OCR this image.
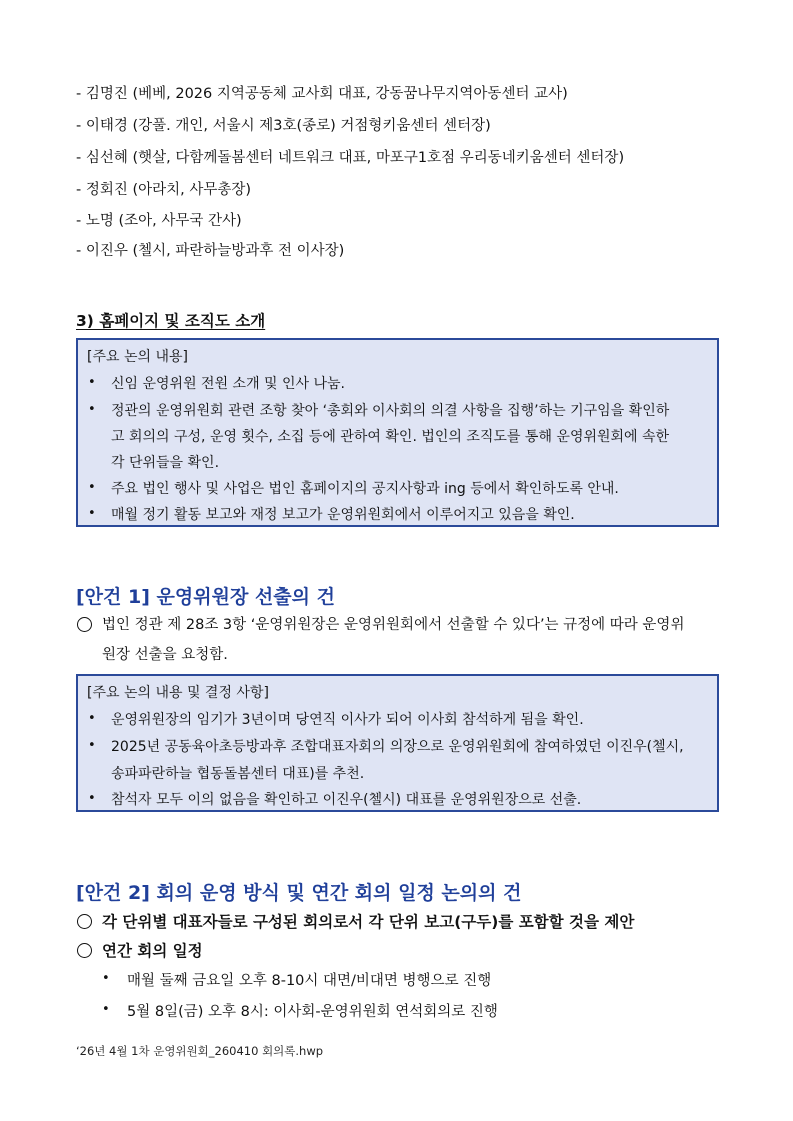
- 김명진 (베베, 2026 지역공동체 교사회 대표, 강동꿈나무지역아동센터 교사)
- 이태경 (강풀. 개인, 서울시 제3호(종로) 거점형키움센터 센터장)
- 심선혜 (햇살, 다함께돌봄센터 네트워크 대표, 마포구1호점 우리동네키움센터 센터장)
- 정회진 (아라치, 사무총장)
- 노명 (조아, 사무국 간사)
- 이진우 (첼시, 파란하늘방과후 전 이사장)
3) 홈페이지 및 조직도 소개
[주요 논의 내용]
• 신임 운영위원 전원 소개 및 인사 나눔.
• 정관의 운영위원회 관련 조항 찾아 ‘총회와 이사회의 의결 사항을 집행’하는 기구임을 확인하
고 회의의 구성, 운영 횟수, 소집 등에 관하여 확인. 법인의 조직도를 통해 운영위원회에 속한
각 단위들을 확인.
• 주요 법인 행사 및 사업은 법인 홈페이지의 공지사항과 ing 등에서 확인하도록 안내.
• 매월 정기 활동 보고와 재정 보고가 운영위원회에서 이루어지고 있음을 확인.
[안건 1] 운영위원장 선출의 건
법인 정관 제 28조 3항 ‘운영위원장은 운영위원회에서 선출할 수 있다’는 규정에 따라 운영위
원장 선출을 요청함.
[주요 논의 내용 및 결정 사항]
• 운영위원장의 임기가 3년이며 당연직 이사가 되어 이사회 참석하게 됨을 확인.
• 2025년 공동육아초등방과후 조합대표자회의 의장으로 운영위원회에 참여하였던 이진우(첼시,
송파파란하늘 협동돌봄센터 대표)를 추천.
• 참석자 모두 이의 없음을 확인하고 이진우(첼시) 대표를 운영위원장으로 선출.
[안건 2] 회의 운영 방식 및 연간 회의 일정 논의의 건
각 단위별 대표자들로 구성된 회의로서 각 단위 보고(구두)를 포함할 것을 제안
연간 회의 일정
• 매월 둘째 금요일 오후 8-10시 대면/비대면 병행으로 진행
• 5월 8일(금) 오후 8시: 이사회-운영위원회 연석회의로 진행
‘26년 4월 1차 운영위원회_260410 회의록.hwp
